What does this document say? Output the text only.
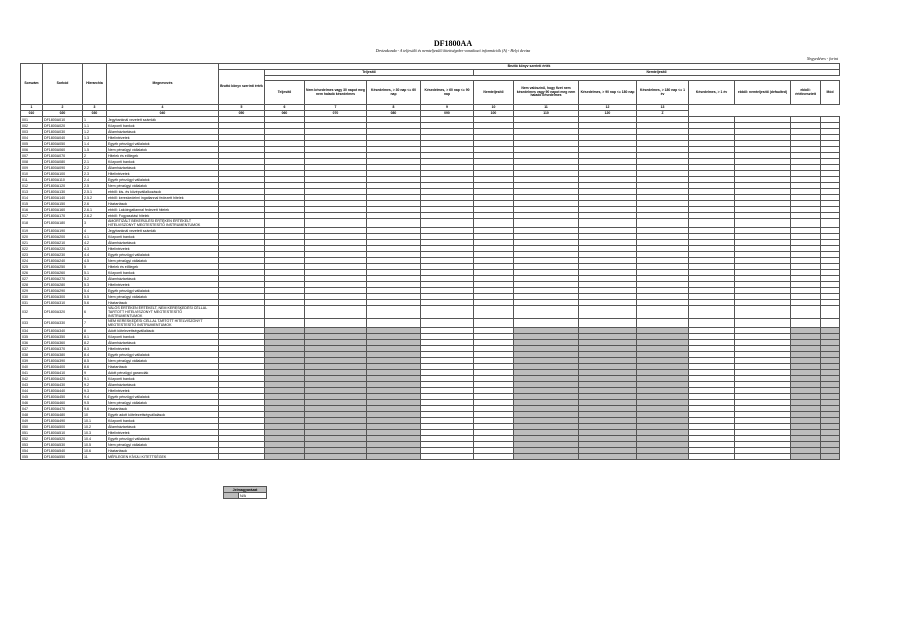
DF1800AA
Devizakonda - A teljesülő és nemteljesülő kitettségekre vonatkozó információk (A) - Helyi deviza
Negyedéves - forint
Sorszám	Sorkód	Hierarchia	Megnevezés	Bruttó könyv szerinti érték												
				Bruttó könyv szerinti érték	Teljesítő				Nemteljesítő							

					Teljesítő	Nem késedelmes vagy 30 napot meg nem haladó késedelmes	Késedelmes, > 30 nap <= 60 nap	Késedelmes, > 60 nap <= 90 nap	Nemteljesítő	Nem valószínű, hogy fizet nem késedelmes vagy 90 napot meg nem haladó késedelmes	Késedelmes, > 90 nap <= 180 nap	Késedelmes, > 180 nap <= 1 év	Késedelmes, > 1 év	ebből: nemteljesítő (defaulted)	ebből: értékvesztett	Mód
1	2	3	4	5	6	7	8	9	10	11	12	13				
010	020	030	040	050	060	070	080	090	100	110	120	Z				
001	DF1800A010	1	Jegybanknál vezetett számlák													
002	DF1800A020	1.1	Központi bankok													
003	DF1800A030	1.2	Államháztartások													
004	DF1800A040	1.3	Hitelintézetek													
005	DF1800A050	1.4	Egyéb pénzügyi vállalatok													
006	DF1800A060	1.5	Nem pénzügyi vállalatok													
007	DF1800A070	2	Hitelek és előlegek													
008	DF1800A080	2.1	Központi bankok													
009	DF1800A090	2.2	Államháztartások													
010	DF1800A100	2.3	Hitelintézetek													
011	DF1800A110	2.4	Egyéb pénzügyi vállalatok													
012	DF1800A120	2.5	Nem pénzügyi vállalatok													
013	DF1800A130	2.5.1	ebből: kis- és középvállalkozások													
014	DF1800A140	2.5.2	ebből: kereskedelmi ingatlannal fedezett hitelek													
015	DF1800A150	2.6	Háztartások													
016	DF1800A160	2.6.1	ebből: Lakóingatlannal fedezett hitelek													
017	DF1800A170	2.6.2	ebből: Fogyasztási hitelek													
018	DF1800A180	3	AMORTIZÁLT BEKERÜLÉSI ÉRTÉKEN ÉRTÉKELT HITELVISZONYT MEGTESTESÍTŐ INSTRUMENTUMOK													
019	DF1800A190	4	Jegybanknál vezetett számlák													
020	DF1800A200	4.1	Központi bankok													
021	DF1800A210	4.2	Államháztartások													
022	DF1800A220	4.3	Hitelintézetek													
023	DF1800A230	4.4	Egyéb pénzügyi vállalatok													
024	DF1800A240	4.5	Nem pénzügyi vállalatok													
025	DF1800A250	5	Hitelek és előlegek													
026	DF1800A260	5.1	Központi bankok													
027	DF1800A270	5.2	Államháztartások													
028	DF1800A280	5.3	Hitelintézetek													
029	DF1800A290	5.4	Egyéb pénzügyi vállalatok													
030	DF1800A300	5.5	Nem pénzügyi vállalatok													
031	DF1800A310	5.6	Háztartások													
032	DF1800A320	6	VALÓS ÉRTÉKEN ÉRTÉKELT, NEM KERESKEDÉSI CÉLLAL TARTOTT HITELVISZONYT MEGTESTESÍTŐ INSTRUMENTUMOK													
033	DF1800A330	7	NEM KERESKEDÉSI CÉLLAL TARTOTT HITELVISZONYT MEGTESTESÍTŐ INSTRUMENTUMOK													
034	DF1800A340	8	Adott kötelezettségvállalások													
035	DF1800A350	8.1	Központi bankok													
036	DF1800A360	8.2	Államháztartások													
037	DF1800A370	8.3	Hitelintézetek													
038	DF1800A380	8.4	Egyéb pénzügyi vállalatok													
039	DF1800A390	8.5	Nem pénzügyi vállalatok													
040	DF1800A400	8.6	Háztartások													
041	DF1800A410	9	Adott pénzügyi garanciák													
042	DF1800A420	9.1	Központi bankok													
043	DF1800A430	9.2	Államháztartások													
044	DF1800A440	9.3	Hitelintézetek													
045	DF1800A450	9.4	Egyéb pénzügyi vállalatok													
046	DF1800A460	9.5	Nem pénzügyi vállalatok													
047	DF1800A470	9.6	Háztartások													
048	DF1800A480	10	Egyéb adott kötelezettségvállalások													
049	DF1800A490	10.1	Központi bankok													
050	DF1800A500	10.2	Államháztartások													
051	DF1800A510	10.3	Hitelintézetek													
052	DF1800A520	10.4	Egyéb pénzügyi vállalatok													
053	DF1800A530	10.5	Nem pénzügyi vállalatok													
054	DF1800A540	10.6	Háztartások													
055	DF1800A550	11	MÉRLEGEN KÍVÜLI KITETTSÉGEK													
Jelmagyarázat
	N/A
